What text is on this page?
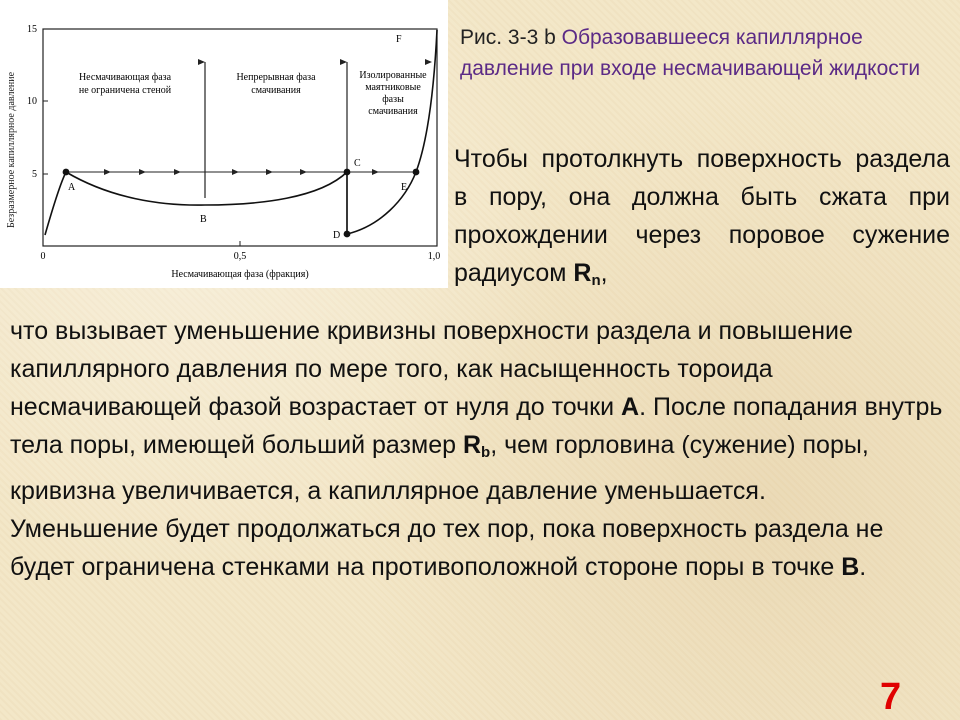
Безразмерное капиллярное давление
15
10
5
0	0,5	1,0
Несмачивающая фаза (фракция)
Несмачивающая фаза
не ограничена стеной
Непрерывная фаза
смачивания
Изолированные
маятниковые
фазы
смачивания
A
B
C
D
E
F	Рис. 3-3 b Образовавшееся капиллярное давление при входе несмачивающей жидкости
Чтобы протолкнуть поверхность раздела в пору, она должна быть сжата при прохождении через поровое сужение радиусом $R_n$,
что вызывает уменьшение кривизны поверхности раздела и повышение капиллярного давления по мере того, как насыщенность тороида несмачивающей фазой возрастает от нуля до точки A. После попадания внутрь тела поры, имеющей больший размер $R_b$, чем горловина (сужение) поры, кривизна увеличивается, а капиллярное давление уменьшается.
Уменьшение будет продолжаться до тех пор, пока поверхность раздела не будет ограничена стенками на противоположной стороне поры в точке B.
7
